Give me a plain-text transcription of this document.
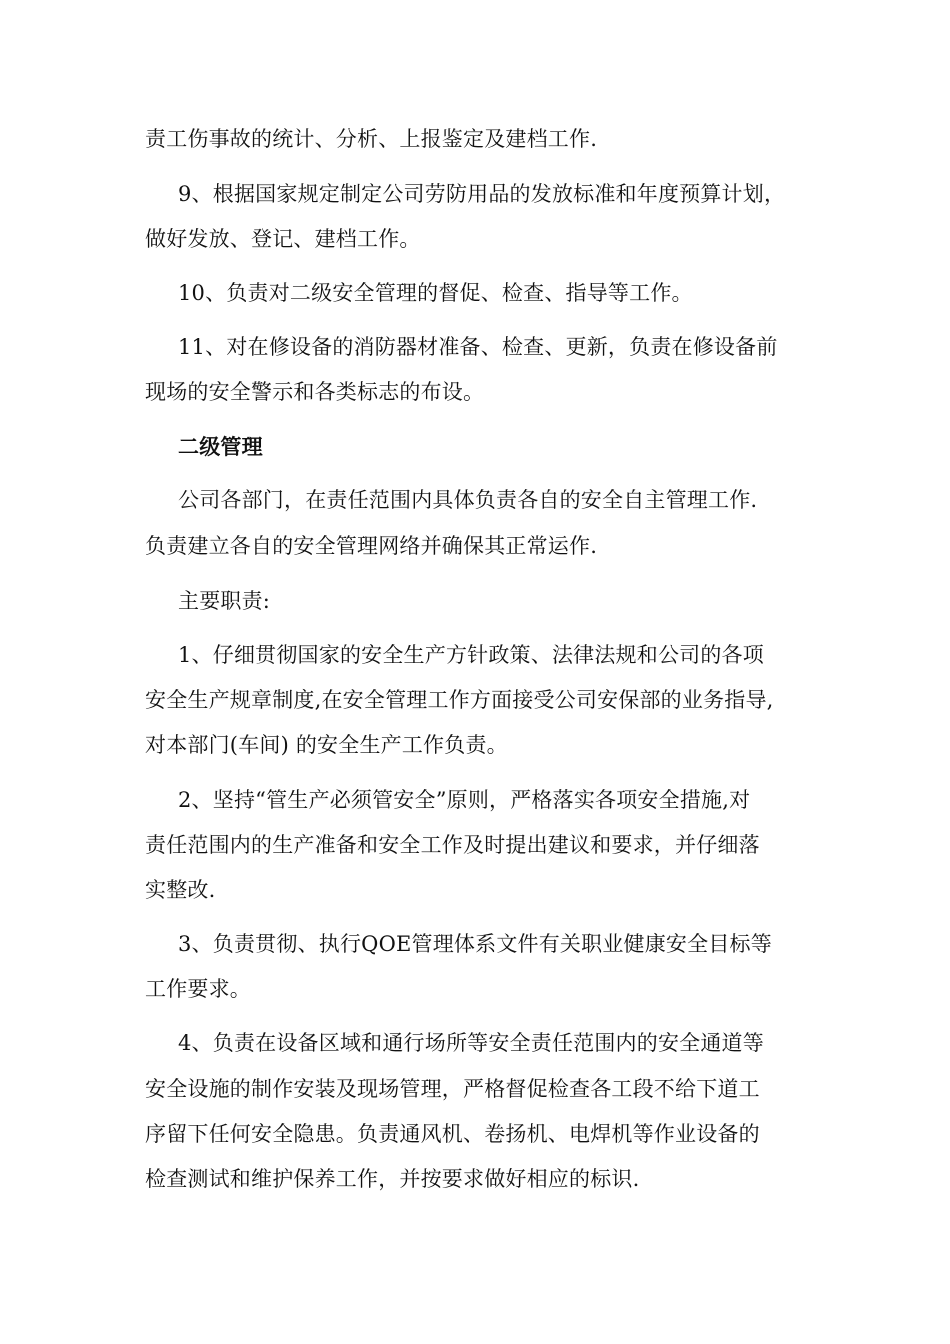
责工伤事故的统计、分析、上报鉴定及建档工作.
9、根据国家规定制定公司劳防用品的发放标准和年度预算计划，
做好发放、登记、建档工作。
10、负责对二级安全管理的督促、检查、指导等工作。
11、对在修设备的消防器材准备、检查、更新，负责在修设备前
现场的安全警示和各类标志的布设。
二级管理
公司各部门，在责任范围内具体负责各自的安全自主管理工作.
负责建立各自的安全管理网络并确保其正常运作.
主要职责:
1、仔细贯彻国家的安全生产方针政策、法律法规和公司的各项
安全生产规章制度,在安全管理工作方面接受公司安保部的业务指导,
对本部门(车间) 的安全生产工作负责。
2、坚持“管生产必须管安全”原则，严格落实各项安全措施,对
责任范围内的生产准备和安全工作及时提出建议和要求，并仔细落
实整改.
3、负责贯彻、执行QOE管理体系文件有关职业健康安全目标等
工作要求。
4、负责在设备区域和通行场所等安全责任范围内的安全通道等
安全设施的制作安装及现场管理，严格督促检查各工段不给下道工
序留下任何安全隐患。负责通风机、卷扬机、电焊机等作业设备的
检查测试和维护保养工作，并按要求做好相应的标识.
